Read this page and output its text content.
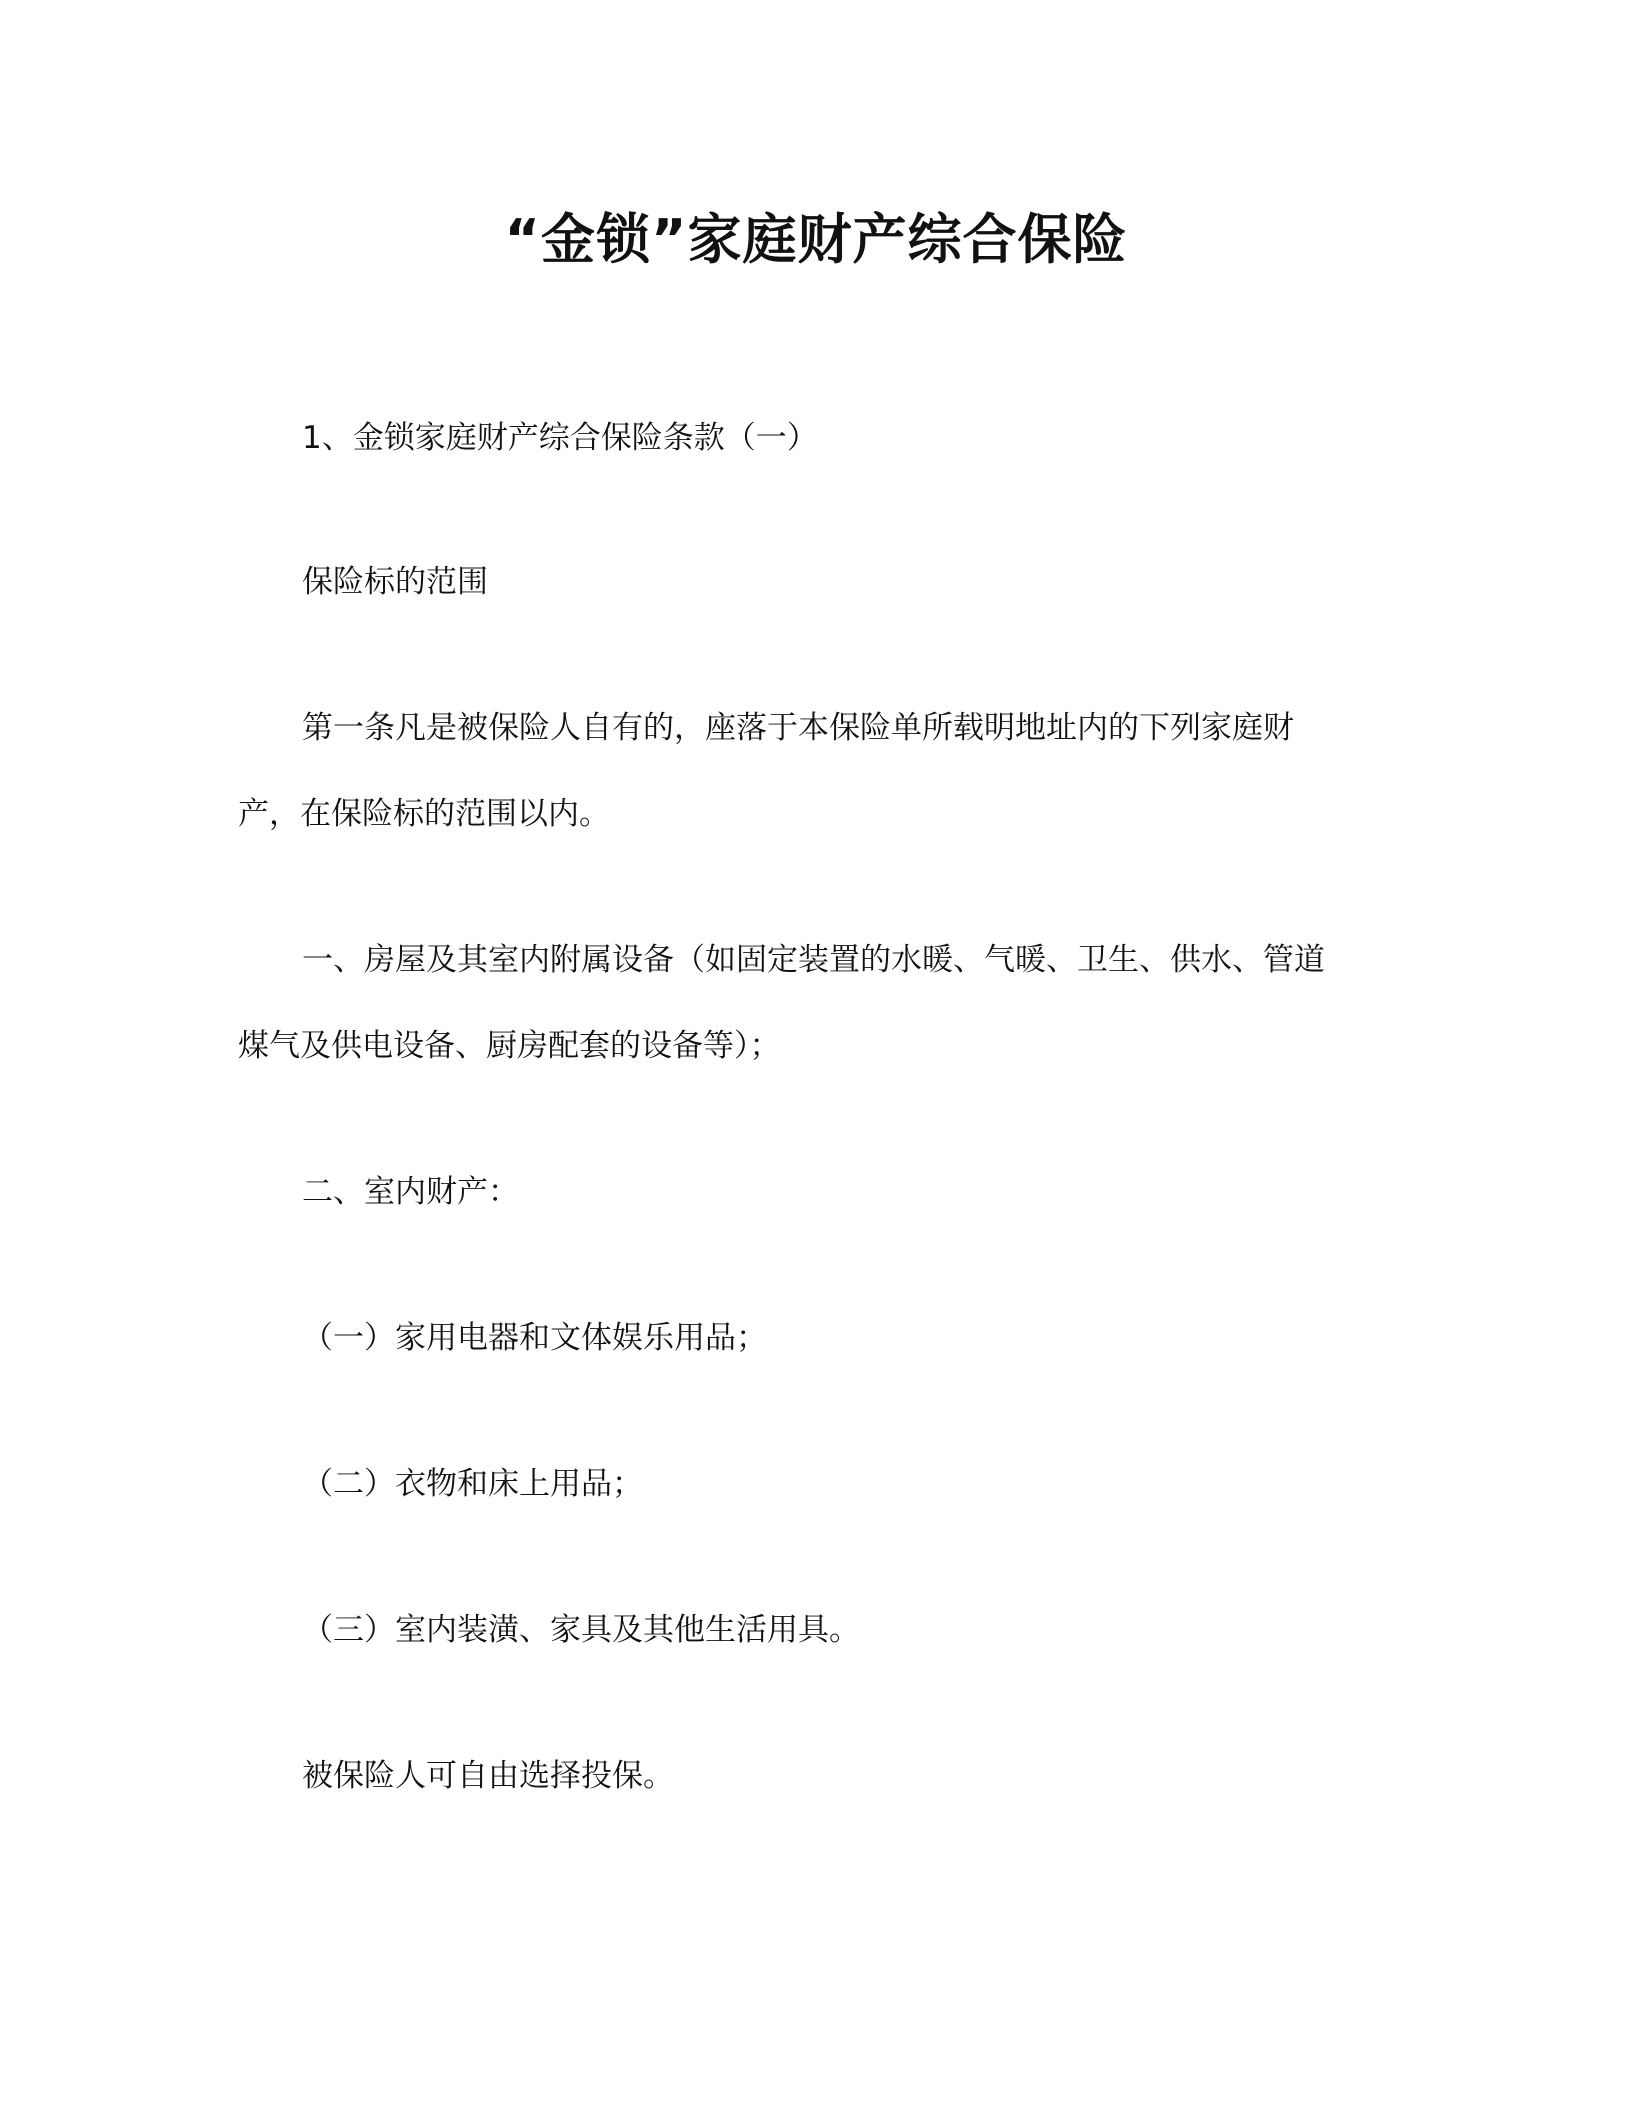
“金锁”家庭财产综合保险

1、金锁家庭财产综合保险条款（一）

保险标的范围

第一条凡是被保险人自有的，座落于本保险单所载明地址内的下列家庭财

产，在保险标的范围以内。

一、房屋及其室内附属设备（如固定装置的水暖、气暖、卫生、供水、管道

煤气及供电设备、厨房配套的设备等）；

二、室内财产：

（一）家用电器和文体娱乐用品；

（二）衣物和床上用品；

（三）室内装潢、家具及其他生活用具。

被保险人可自由选择投保。
